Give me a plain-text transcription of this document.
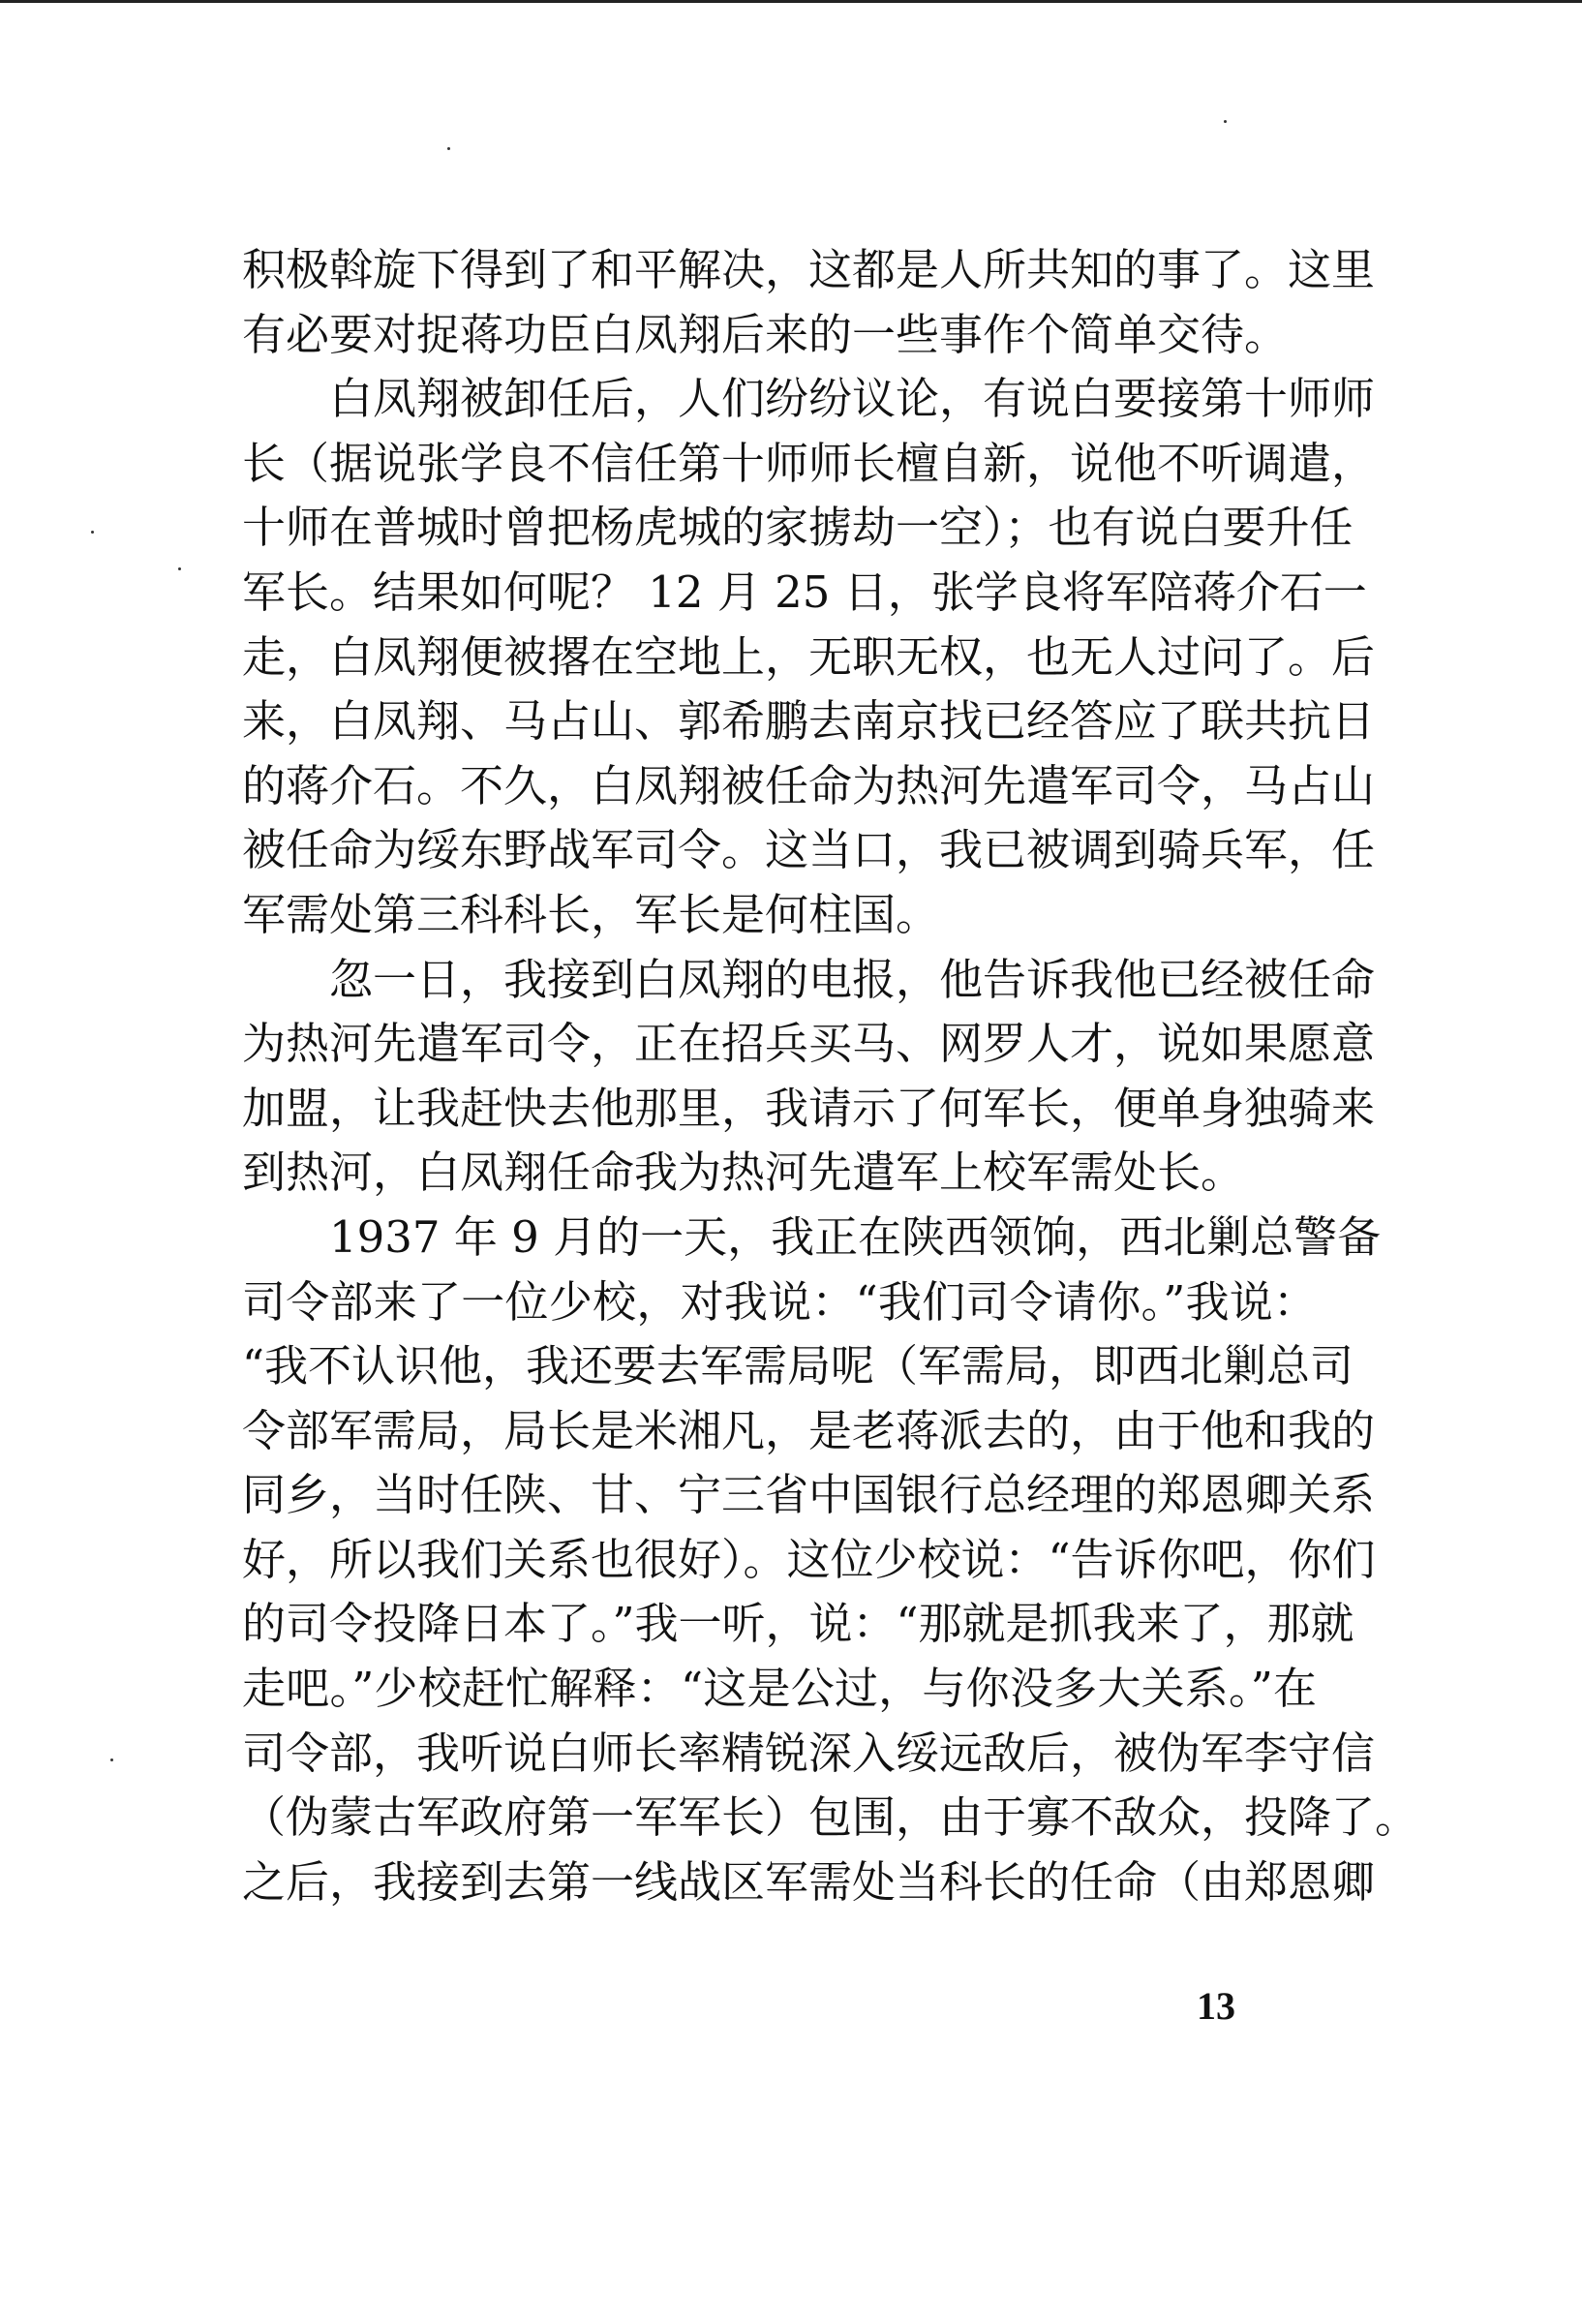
积极斡旋下得到了和平解决，这都是人所共知的事了。这里
有必要对捉蒋功臣白凤翔后来的一些事作个简单交待。

白凤翔被卸任后，人们纷纷议论，有说白要接第十师师
长（据说张学良不信任第十师师长檀自新，说他不听调遣，
十师在普城时曾把杨虎城的家掳劫一空）；也有说白要升任
军长。结果如何呢？ 12 月 25 日，张学良将军陪蒋介石一
走，白凤翔便被撂在空地上，无职无权，也无人过问了。后
来，白凤翔、马占山、郭希鹏去南京找已经答应了联共抗日
的蒋介石。不久，白凤翔被任命为热河先遣军司令，马占山
被任命为绥东野战军司令。这当口，我已被调到骑兵军，任
军需处第三科科长，军长是何柱国。

忽一日，我接到白凤翔的电报，他告诉我他已经被任命
为热河先遣军司令，正在招兵买马、网罗人才，说如果愿意
加盟，让我赶快去他那里，我请示了何军长，便单身独骑来
到热河，白凤翔任命我为热河先遣军上校军需处长。

1937 年 9 月的一天，我正在陕西领饷，西北剿总警备
司令部来了一位少校，对我说：“我们司令请你。”我说：
“我不认识他，我还要去军需局呢（军需局，即西北剿总司
令部军需局，局长是米湘凡，是老蒋派去的，由于他和我的
同乡，当时任陕、甘、宁三省中国银行总经理的郑恩卿关系
好，所以我们关系也很好）。这位少校说：“告诉你吧，你们
的司令投降日本了。”我一听，说：“那就是抓我来了，那就
走吧。”少校赶忙解释：“这是公过，与你没多大关系。”在
司令部，我听说白师长率精锐深入绥远敌后，被伪军李守信
（伪蒙古军政府第一军军长）包围，由于寡不敌众，投降了。
之后，我接到去第一线战区军需处当科长的任命（由郑恩卿

13
